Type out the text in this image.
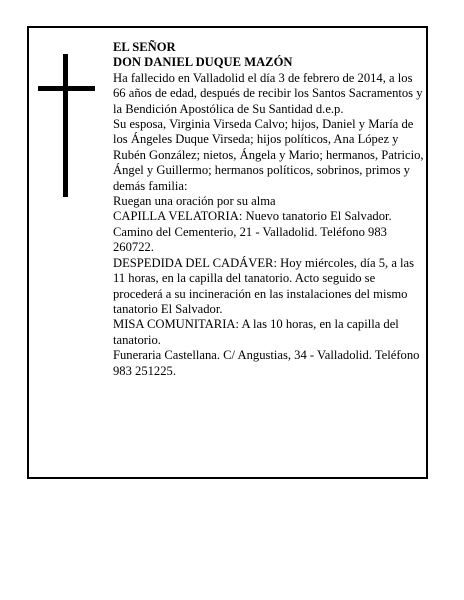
EL SEÑOR

DON DANIEL DUQUE MAZÓN

Ha fallecido en Valladolid el día 3 de febrero de 2014, a los 66 años de edad, después de recibir los Santos Sacramentos y la Bendición Apostólica de Su Santidad d.e.p.

Su esposa, Virginia Virseda Calvo; hijos, Daniel y María de los Ángeles Duque Virseda; hijos políticos, Ana López y Rubén González; nietos, Ángela y Mario; hermanos, Patricio, Ángel y Guillermo; hermanos políticos, sobrinos, primos y demás familia:

Ruegan una oración por su alma

CAPILLA VELATORIA: Nuevo tanatorio El Salvador. Camino del Cementerio, 21 - Valladolid. Teléfono 983 260722.

DESPEDIDA DEL CADÁVER: Hoy miércoles, día 5, a las 11 horas, en la capilla del tanatorio. Acto seguido se procederá a su incineración en las instalaciones del mismo tanatorio El Salvador.

MISA COMUNITARIA: A las 10 horas, en la capilla del tanatorio.

Funeraria Castellana. C/ Angustias, 34 - Valladolid. Teléfono 983 251225.
